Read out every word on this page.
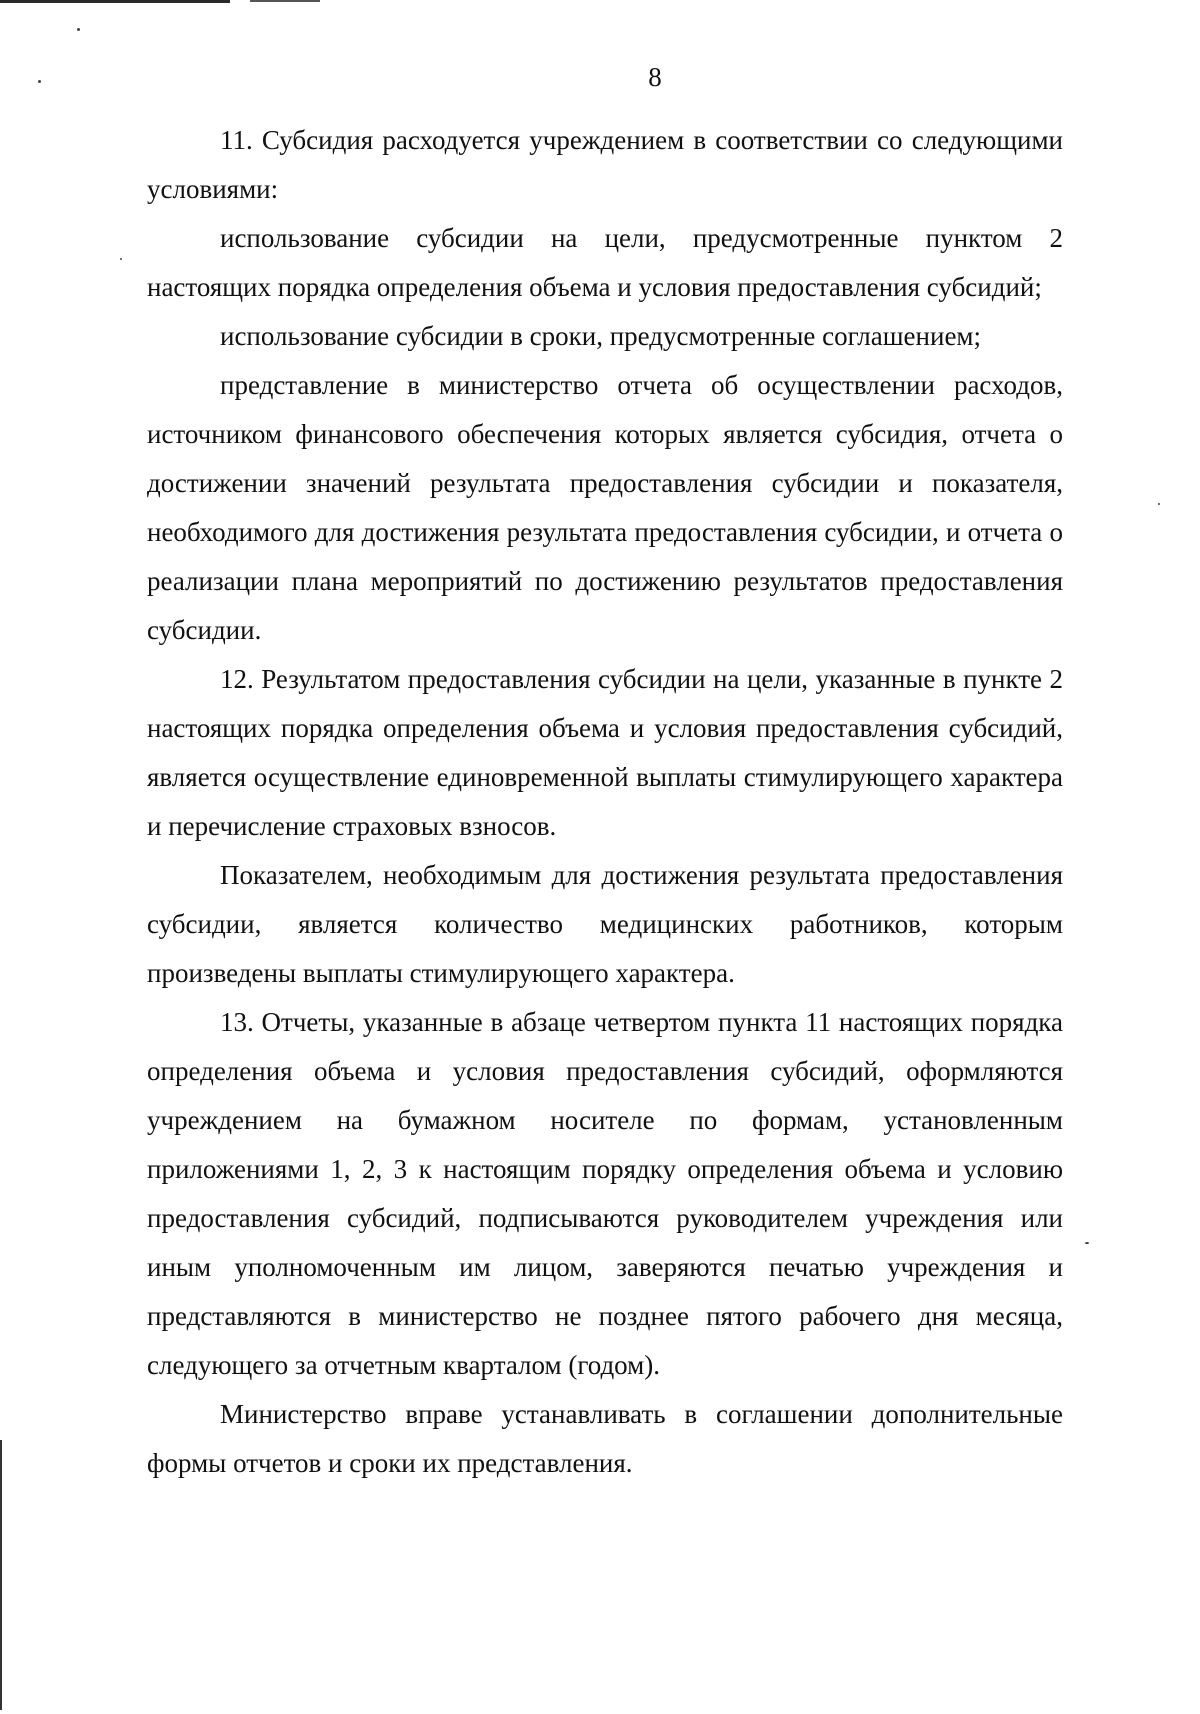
8

11. Субсидия расходуется учреждением в соответствии со следующими условиями:

использование субсидии на цели, предусмотренные пунктом 2 настоящих порядка определения объема и условия предоставления субсидий;

использование субсидии в сроки, предусмотренные соглашением;

представление в министерство отчета об осуществлении расходов, источником финансового обеспечения которых является субсидия, отчета о достижении значений результата предоставления субсидии и показателя, необходимого для достижения результата предоставления субсидии, и отчета о реализации плана мероприятий по достижению результатов предоставления субсидии.

12. Результатом предоставления субсидии на цели, указанные в пункте 2 настоящих порядка определения объема и условия предоставления субсидий, является осуществление единовременной выплаты стимулирующего характера и перечисление страховых взносов.

Показателем, необходимым для достижения результата предоставления субсидии, является количество медицинских работников, которым произведены выплаты стимулирующего характера.

13. Отчеты, указанные в абзаце четвертом пункта 11 настоящих порядка определения объема и условия предоставления субсидий, оформляются учреждением на бумажном носителе по формам, установленным приложениями 1, 2, 3 к настоящим порядку определения объема и условию предоставления субсидий, подписываются руководителем учреждения или иным уполномоченным им лицом, заверяются печатью учреждения и представляются в министерство не позднее пятого рабочего дня месяца, следующего за отчетным кварталом (годом).

Министерство вправе устанавливать в соглашении дополнительные формы отчетов и сроки их представления.
